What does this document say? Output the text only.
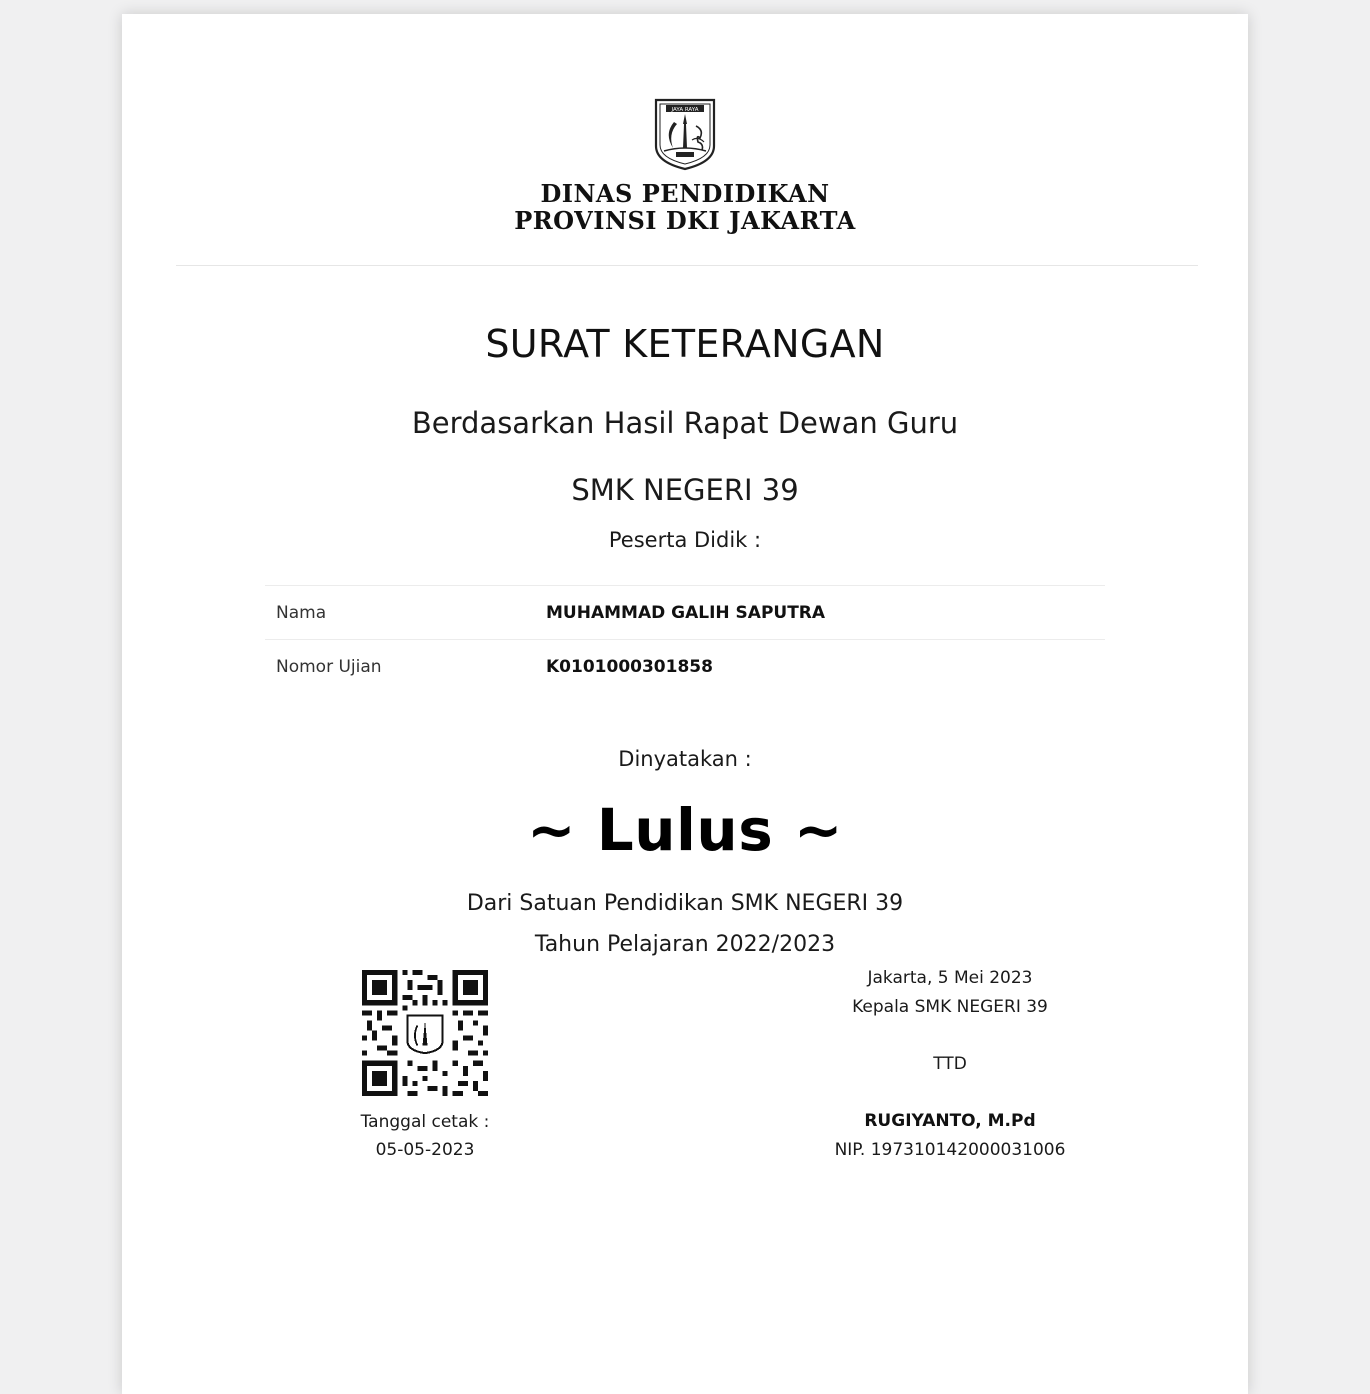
JAYA RAYA
DINAS PENDIDIKAN
PROVINSI DKI JAKARTA
SURAT KETERANGAN
Berdasarkan Hasil Rapat Dewan Guru
SMK NEGERI 39
Peserta Didik :
Nama	MUHAMMAD GALIH SAPUTRA
Nomor Ujian	K0101000301858
Dinyatakan :
~ Lulus ~
Dari Satuan Pendidikan SMK NEGERI 39
Tahun Pelajaran 2022/2023
Tanggal cetak :
05-05-2023
Jakarta, 5 Mei 2023
Kepala SMK NEGERI 39
TTD
RUGIYANTO, M.Pd
NIP. 197310142000031006
